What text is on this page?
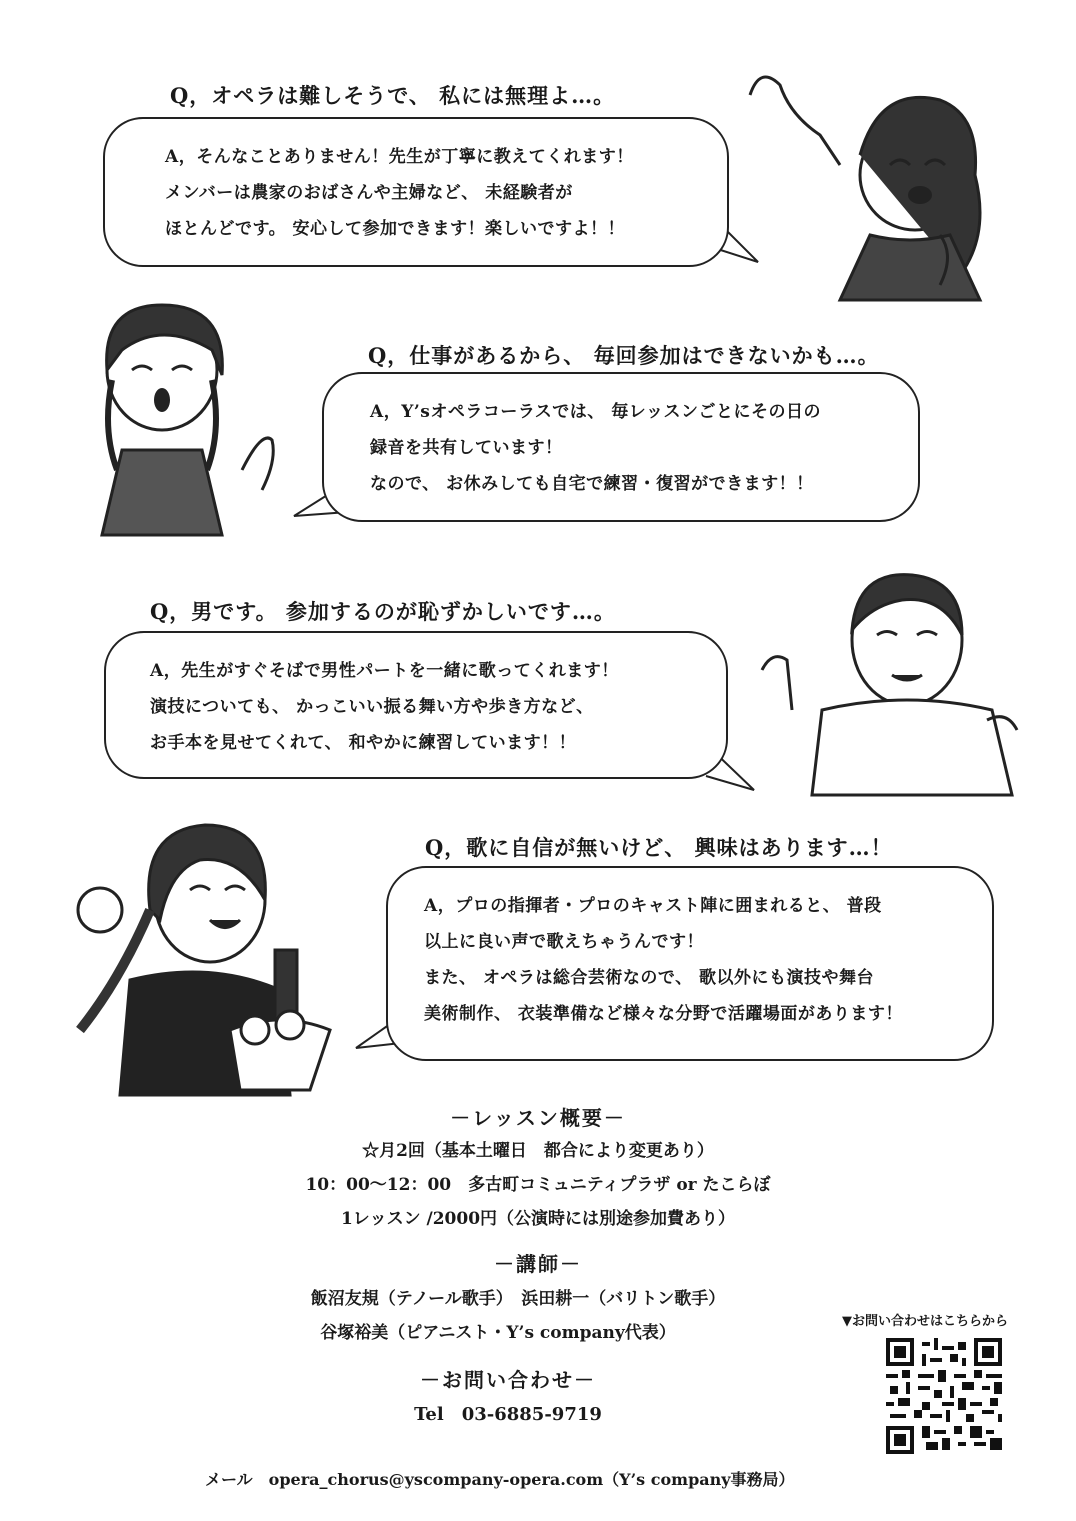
Q，オペラは難しそうで、 私には無理よ…。
A，そんなことありません！先生が丁寧に教えてくれます！
メンバーは農家のおばさんや主婦など、 未経験者が
ほとんどです。 安心して参加できます！楽しいですよ！！
Q，仕事があるから、 毎回参加はできないかも…。
A，Y’sオペラコーラスでは、 毎レッスンごとにその日の
録音を共有しています！
なので、 お休みしても自宅で練習・復習ができます！！
Q，男です。 参加するのが恥ずかしいです…。
A，先生がすぐそばで男性パートを一緒に歌ってくれます！
演技についても、 かっこいい振る舞い方や歩き方など、
お手本を見せてくれて、 和やかに練習しています！！
Q，歌に自信が無いけど、 興味はあります…！
A，プロの指揮者・プロのキャスト陣に囲まれると、 普段
以上に良い声で歌えちゃうんです！
また、 オペラは総合芸術なので、 歌以外にも演技や舞台
美術制作、 衣装準備など様々な分野で活躍場面があります！
－レッスン概要－
☆月2回（基本土曜日　都合により変更あり）
10：00～12：00　多古町コミュニティプラザ or たこらぼ
1レッスン /2000円（公演時には別途参加費あり）
－講師－
飯沼友規（テノール歌手）　浜田耕一（バリトン歌手）
谷塚裕美（ピアニスト・Y’s company代表）
－お問い合わせ－
Tel　03-6885-9719
メール　opera_chorus@yscompany-opera.com（Y’s company事務局）
▼お問い合わせはこちらから
